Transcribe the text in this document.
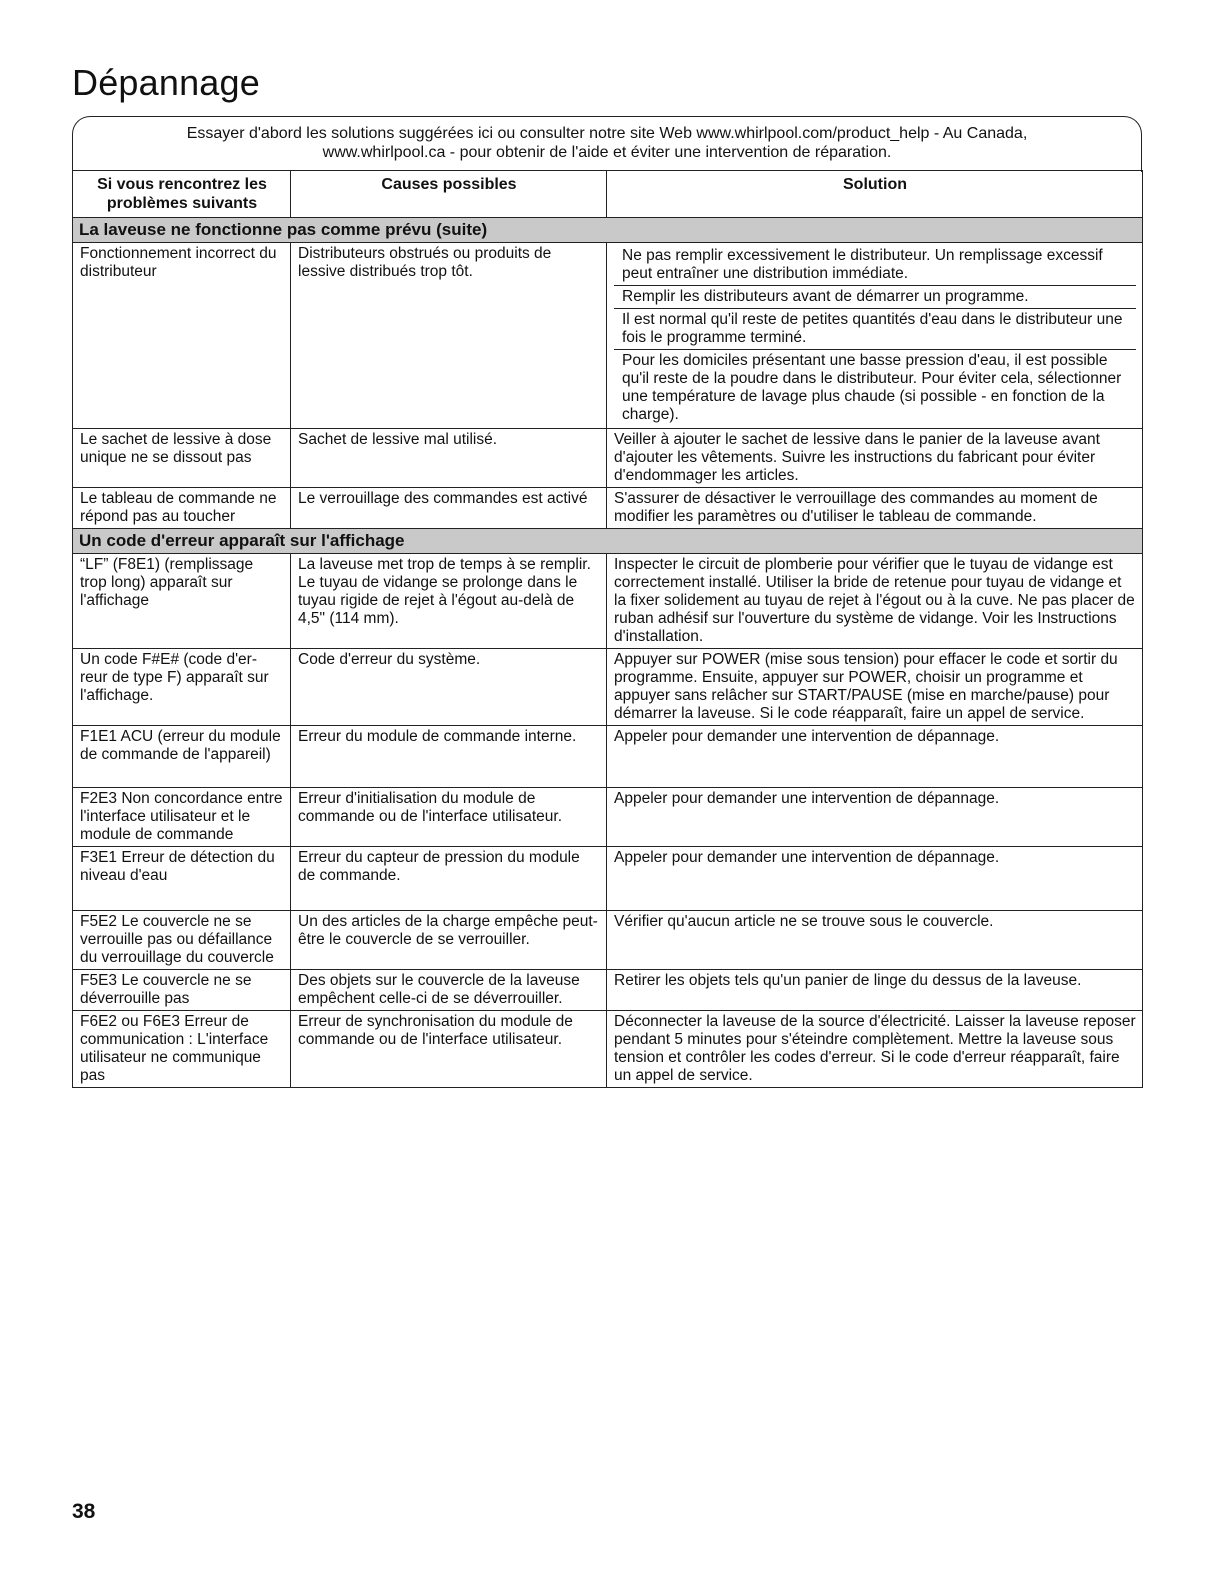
Dépannage
Essayer d'abord les solutions suggérées ici ou consulter notre site Web www.whirlpool.com/product_help - Au Canada,
www.whirlpool.ca - pour obtenir de l'aide et éviter une intervention de réparation.
Si vous rencontrez les problèmes suivants	Causes possibles	Solution
La laveuse ne fonctionne pas comme prévu (suite)		
Fonctionnement incorrect du distributeur	Distributeurs obstrués ou produits de lessive distribués trop tôt.	Ne pas remplir excessivement le distributeur. Un remplissage excessif peut entraîner une distribution immédiate.
Remplir les distributeurs avant de démarrer un programme.
Il est normal qu'il reste de petites quantités d'eau dans le distributeur une fois le programme terminé.
Pour les domiciles présentant une basse pression d'eau, il est possible qu'il reste de la poudre dans le distributeur. Pour éviter cela, sélectionner une température de lavage plus chaude (si possible - en fonction de la charge).

Le sachet de lessive à dose unique ne se dissout pas	Sachet de lessive mal utilisé.	Veiller à ajouter le sachet de lessive dans le panier de la laveuse avant d'ajouter les vêtements. Suivre les instructions du fabricant pour éviter d'endommager les articles.
Le tableau de commande ne répond pas au toucher	Le verrouillage des commandes est activé	S'assurer de désactiver le verrouillage des commandes au moment de modifier les paramètres ou d'utiliser le tableau de commande.
Un code d'erreur apparaît sur l'affichage		
“LF” (F8E1) (remplissage trop long) apparaît sur l'affichage	La laveuse met trop de temps à se remplir. Le tuyau de vidange se prolonge dans le tuyau rigide de rejet à l'égout au-delà de 4,5" (114 mm).	Inspecter le circuit de plomberie pour vérifier que le tuyau de vidange est correctement installé. Utiliser la bride de retenue pour tuyau de vidange et la fixer solidement au tuyau de rejet à l'égout ou à la cuve. Ne pas placer de ruban adhésif sur l'ouverture du système de vidange. Voir les Instructions d'installation.
Un code F#E# (code d'er- reur de type F) apparaît sur l'affichage.	Code d'erreur du système.	Appuyer sur POWER (mise sous tension) pour effacer le code et sortir du programme. Ensuite, appuyer sur POWER, choisir un programme et appuyer sans relâcher sur START/PAUSE (mise en marche/pause) pour démarrer la laveuse. Si le code réapparaît, faire un appel de service.
F1E1 ACU (erreur du module de commande de l'appareil)	Erreur du module de commande interne.	Appeler pour demander une intervention de dépannage.
F2E3 Non concordance entre l'interface utilisateur et le module de commande	Erreur d'initialisation du module de commande ou de l'interface utilisateur.	Appeler pour demander une intervention de dépannage.
F3E1 Erreur de détection du niveau d'eau	Erreur du capteur de pression du module de commande.	Appeler pour demander une intervention de dépannage.
F5E2 Le couvercle ne se verrouille pas ou défaillance du verrouillage du couvercle	Un des articles de la charge empêche peut-être le couvercle de se verrouiller.	Vérifier qu'aucun article ne se trouve sous le couvercle.
F5E3 Le couvercle ne se déverrouille pas	Des objets sur le couvercle de la laveuse empêchent celle-ci de se déverrouiller.	Retirer les objets tels qu'un panier de linge du dessus de la laveuse.
F6E2 ou F6E3 Erreur de communication : L'interface utilisateur ne communique pas	Erreur de synchronisation du module de commande ou de l'interface utilisateur.	Déconnecter la laveuse de la source d'électricité. Laisser la laveuse reposer pendant 5 minutes pour s'éteindre complètement. Mettre la laveuse sous tension et contrôler les codes d'erreur. Si le code d'erreur réapparaît, faire un appel de service.
38
